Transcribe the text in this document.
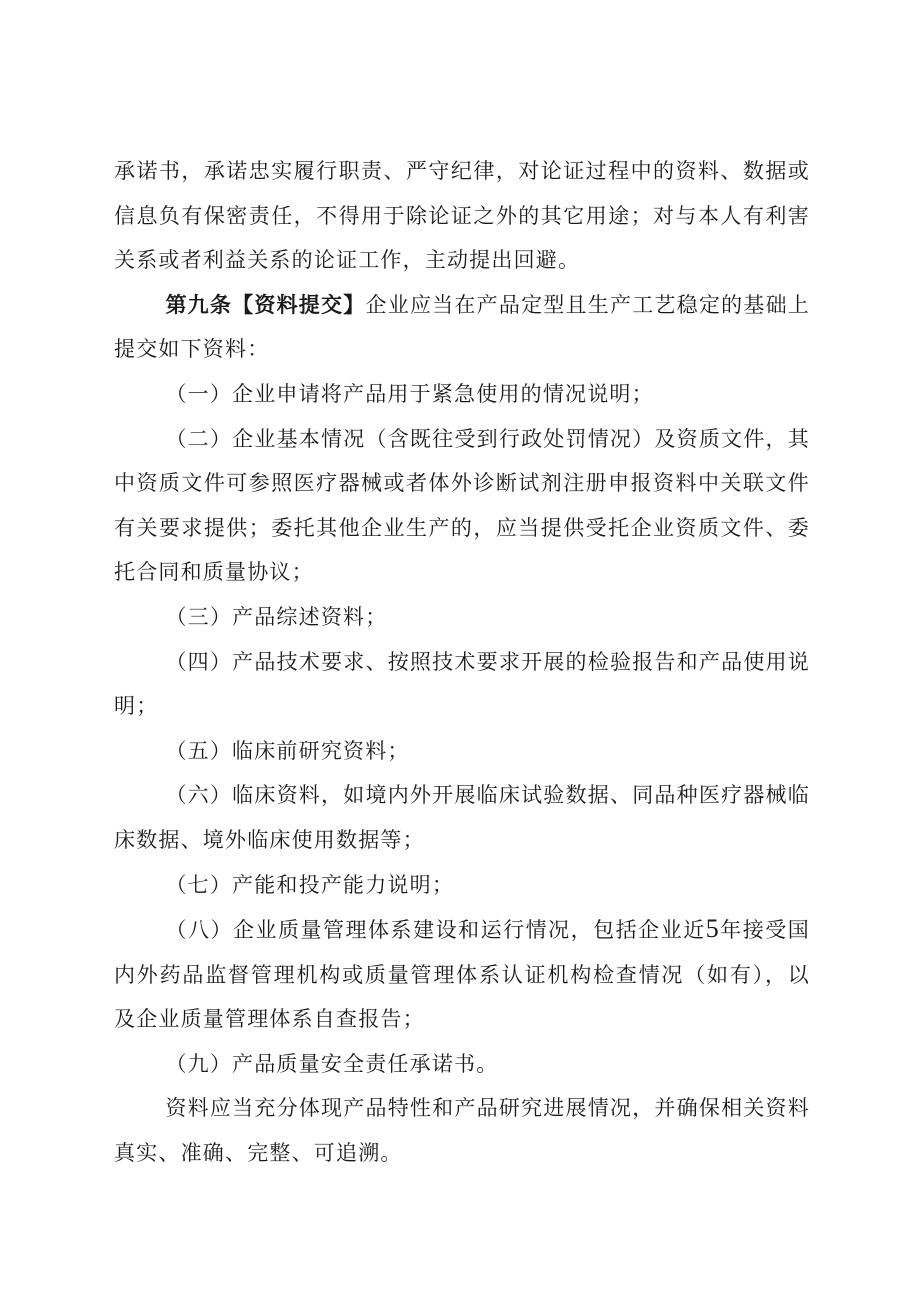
承诺书，承诺忠实履行职责、严守纪律，对论证过程中的资料、数据或信息负有保密责任，不得用于除论证之外的其它用途；对与本人有利害关系或者利益关系的论证工作，主动提出回避。

第九条【资料提交】企业应当在产品定型且生产工艺稳定的基础上提交如下资料：

（一）企业申请将产品用于紧急使用的情况说明；

（二）企业基本情况（含既往受到行政处罚情况）及资质文件，其中资质文件可参照医疗器械或者体外诊断试剂注册申报资料中关联文件有关要求提供；委托其他企业生产的，应当提供受托企业资质文件、委托合同和质量协议；

（三）产品综述资料；

（四）产品技术要求、按照技术要求开展的检验报告和产品使用说明；

（五）临床前研究资料；

（六）临床资料，如境内外开展临床试验数据、同品种医疗器械临床数据、境外临床使用数据等；

（七）产能和投产能力说明；

（八）企业质量管理体系建设和运行情况，包括企业近5年接受国内外药品监督管理机构或质量管理体系认证机构检查情况（如有），以及企业质量管理体系自查报告；

（九）产品质量安全责任承诺书。

资料应当充分体现产品特性和产品研究进展情况，并确保相关资料真实、准确、完整、可追溯。
